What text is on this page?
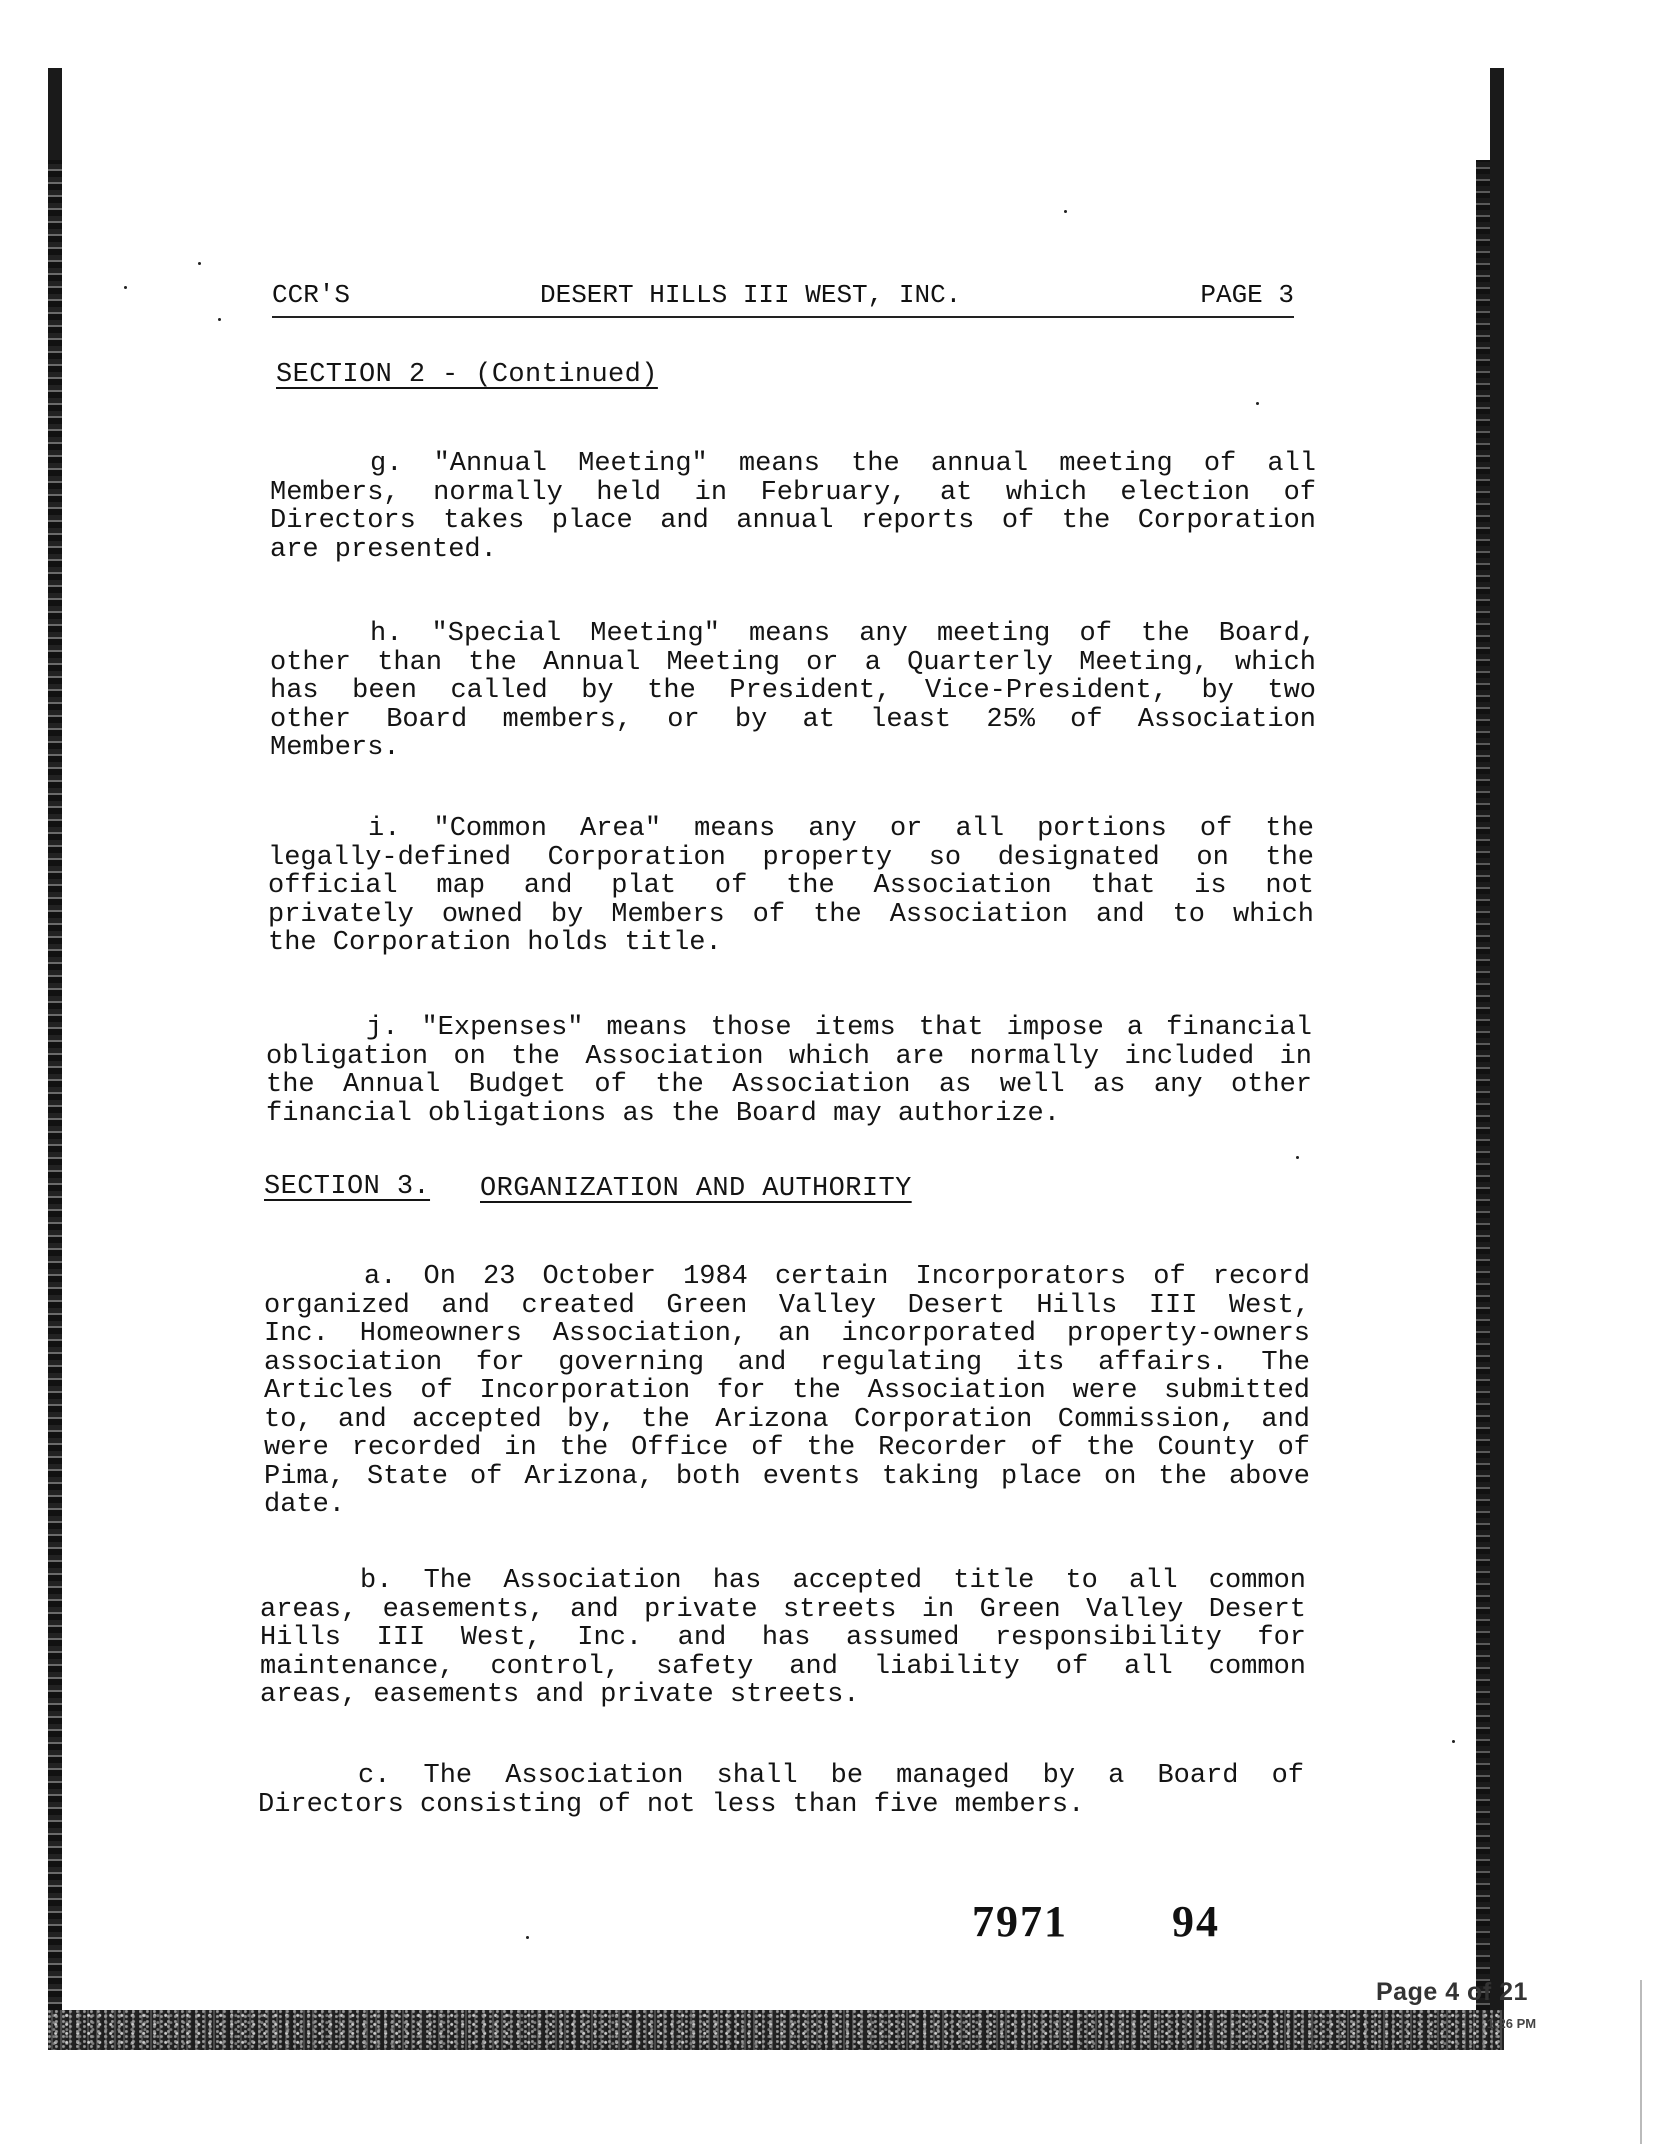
CCR'S	DESERT HILLS III WEST, INC.	PAGE 3
SECTION 2 - (Continued)
g. "Annual Meeting" means the annual meeting of all
Members, normally held in February, at which election of
Directors takes place and annual reports of the Corporation
are presented.
h. "Special Meeting" means any meeting of the Board,
other than the Annual Meeting or a Quarterly Meeting, which
has been called by the President, Vice-President, by two
other Board members, or by at least 25% of Association
Members.
i. "Common Area" means any or all portions of the
legally-defined Corporation property so designated on the
official map and plat of the Association that is not
privately owned by Members of the Association and to which
the Corporation holds title.
j. "Expenses" means those items that impose a financial
obligation on the Association which are normally included in
the Annual Budget of the Association as well as any other
financial obligations as the Board may authorize.
SECTION 3. ORGANIZATION AND AUTHORITY
a. On 23 October 1984 certain Incorporators of record
organized and created Green Valley Desert Hills III West,
Inc. Homeowners Association, an incorporated property-owners
association for governing and regulating its affairs. The
Articles of Incorporation for the Association were submitted
to, and accepted by, the Arizona Corporation Commission, and
were recorded in the Office of the Recorder of the County of
Pima, State of Arizona, both events taking place on the above
date.
b. The Association has accepted title to all common
areas, easements, and private streets in Green Valley Desert
Hills III West, Inc. and has assumed responsibility for
maintenance, control, safety and liability of all common
areas, easements and private streets.
c. The Association shall be managed by a Board of
Directors consisting of not less than five members.
7971 94
Page 4 of 21
1:26 PM
